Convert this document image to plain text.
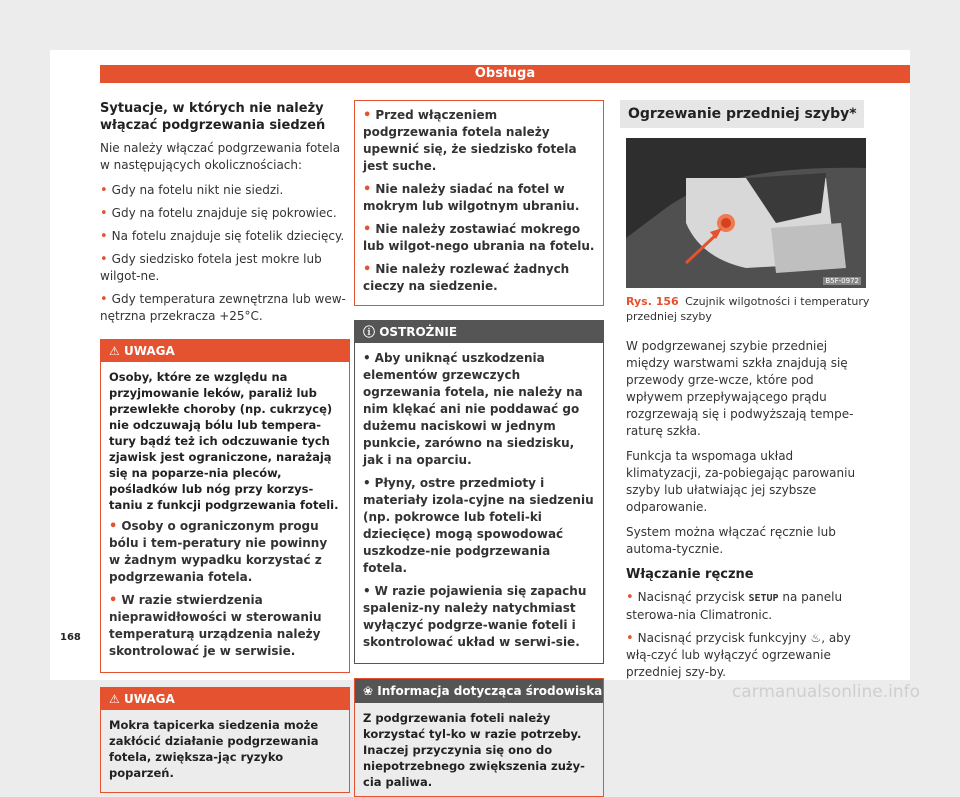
Obsługa
Sytuacje, w których nie należy włączać podgrzewania siedzeń

Nie należy włączać podgrzewania fotela w następujących okolicznościach:

• Gdy na fotelu nikt nie siedzi.
• Gdy na fotelu znajduje się pokrowiec.
• Na fotelu znajduje się fotelik dziecięcy.
• Gdy siedzisko fotela jest mokre lub wilgot-ne.
• Gdy temperatura zewnętrzna lub wew-nętrzna przekracza +25°C.
⚠ UWAGA

Osoby, które ze względu na przyjmowanie leków, paraliż lub przewlekłe choroby (np. cukrzycę) nie odczuwają bólu lub tempera-tury bądź też ich odczuwanie tych zjawisk jest ograniczone, narażają się na poparze-nia pleców, pośladków lub nóg przy korzys-taniu z funkcji podgrzewania foteli.

• Osoby o ograniczonym progu bólu i tem-peratury nie powinny w żadnym wypadku korzystać z podgrzewania fotela.
• W razie stwierdzenia nieprawidłowości w sterowaniu temperaturą urządzenia należy skontrolować je w serwisie.
⚠ UWAGA

Mokra tapicerka siedzenia może zakłócić działanie podgrzewania fotela, zwiększa-jąc ryzyko poparzeń.

• Przed włączeniem podgrzewania fotela należy upewnić się, że siedzisko fotela jest suche.
• Nie należy siadać na fotel w mokrym lub wilgotnym ubraniu.
• Nie należy zostawiać mokrego lub wilgot-nego ubrania na fotelu.
• Nie należy rozlewać żadnych cieczy na siedzenie.
ⓘ OSTROŻNIE
• Aby uniknąć uszkodzenia elementów grzewczych ogrzewania fotela, nie należy na nim klękać ani nie poddawać go dużemu naciskowi w jednym punkcie, zarówno na siedzisku, jak i na oparciu.
• Płyny, ostre przedmioty i materiały izola-cyjne na siedzeniu (np. pokrowce lub foteli-ki dziecięce) mogą spowodować uszkodze-nie podgrzewania fotela.
• W razie pojawienia się zapachu spaleniz-ny należy natychmiast wyłączyć podgrze-wanie foteli i skontrolować układ w serwi-sie.
❀ Informacja dotycząca środowiska

Z podgrzewania foteli należy korzystać tyl-ko w razie potrzeby. Inaczej przyczynia się ono do niepotrzebnego zwiększenia zuży-cia paliwa.

Ogrzewanie przedniej szyby*
B5F-0972
Rys. 156 Czujnik wilgotności i temperatury przedniej szyby

W podgrzewanej szybie przedniej między warstwami szkła znajdują się przewody grze-wcze, które pod wpływem przepływającego prądu rozgrzewają się i podwyższają tempe-raturę szkła.

Funkcja ta wspomaga układ klimatyzacji, za-pobiegając parowaniu szyby lub ułatwiając jej szybsze odparowanie.

System można włączać ręcznie lub automa-tycznie.

Włączanie ręczne
• Nacisnąć przycisk SETUP na panelu sterowa-nia Climatronic.
• Nacisnąć przycisk funkcyjny ♨, aby włą-czyć lub wyłączyć ogrzewanie przedniej szy-by.
168
carmanualsonline.info
